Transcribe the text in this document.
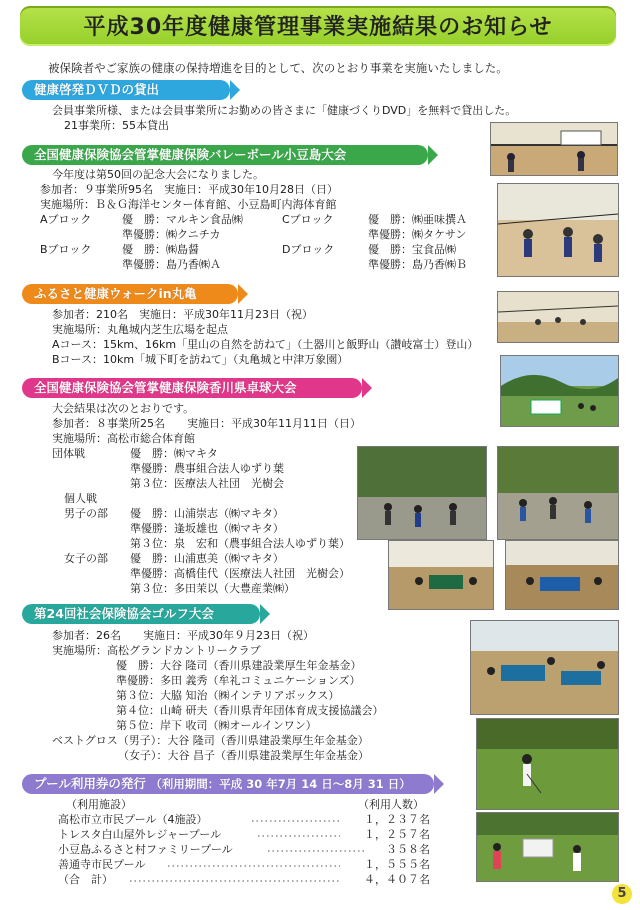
平成30年度健康管理事業実施結果のお知らせ
被保険者やご家族の健康の保持増進を目的として、次のとおり事業を実施いたしました。
健康啓発ＤＶＤの貸出
会員事業所様、または会員事業所にお勤めの皆さまに「健康づくりDVD」を無料で貸出した。
21事業所：55本貸出
全国健康保険協会管掌健康保険バレーボール小豆島大会
今年度は第50回の記念大会になりました。
参加者：９事業所95名　実施日：平成30年10月28日（日）
実施場所：Ｂ＆Ｇ海洋センター体育館、小豆島町内海体育館
Aブロック	優　勝：マルキン食品㈱
準優勝：㈱クニチカ
Bブロック	優　勝：㈱島醤
準優勝：島乃香㈱Ａ
Cブロック	優　勝：㈱亜味撰Ａ
準優勝：㈱タケサン
Dブロック	優　勝：宝食品㈱
準優勝：島乃香㈱Ｂ
ふるさと健康ウォークin丸亀
参加者：210名　実施日：平成30年11月23日（祝）
実施場所：丸亀城内芝生広場を起点
Aコース：15km、16km「里山の自然を訪ねて」（土器川と飯野山（讃岐富士）登山）
Bコース：10km「城下町を訪ねて」（丸亀城と中津万象園）
全国健康保険協会管掌健康保険香川県卓球大会
大会結果は次のとおりです。
参加者：８事業所25名　　実施日：平成30年11月11日（日）
実施場所：高松市総合体育館
団体戦	優　勝：㈱マキタ
準優勝：農事組合法人ゆずり葉
第３位：医療法人社団　光樹会
個人戦
男子の部 優　勝：山浦崇志（㈱マキタ）
準優勝：逢坂雄也（㈱マキタ）
第３位：泉　宏和（農事組合法人ゆずり葉）
女子の部 優　勝：山浦恵美（㈱マキタ）
準優勝：高橋佳代（医療法人社団　光樹会）
第３位：多田茉以（大豊産業㈱）
第24回社会保険協会ゴルフ大会
参加者：26名　　実施日：平成30年９月23日（祝）
実施場所：高松グランドカントリークラブ
優　勝：大谷 隆司（香川県建設業厚生年金基金）
準優勝：多田 義秀（牟礼コミュニケーションズ）
第３位：大脇 知治（㈱インテリアボックス）
第４位：山崎 研夫（香川県青年団体育成支援協議会）
第５位：岸下 收司（㈱オールインワン）
ベストグロス（男子）：大谷 隆司（香川県建設業厚生年金基金）
（女子）：大谷 昌子（香川県建設業厚生年金基金）
プール利用券の発行 （利用期間：平成 30 年7月 14 日〜8月 31 日）
（利用施設）	（利用人数）
高松市立市民プール（4施設）	１，２３７名
トレスタ白山屋外レジャープール	１，２５７名
小豆島ふるさと村ファミリープール	３５８名
善通寺市民プール	１，５５５名
（合　計）	４，４０７名
5
